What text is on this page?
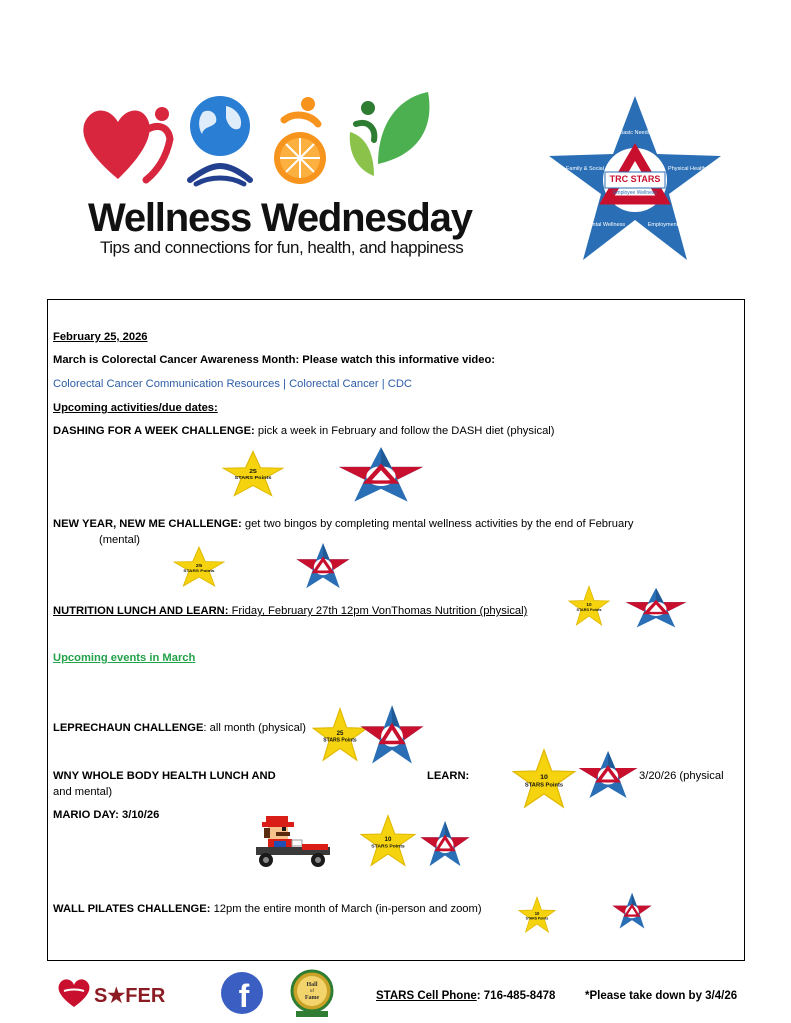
Wellness Wednesday
Tips and connections for fun, health, and happiness
TRC STARS
Employee Wellness
Basic Needs
Physical Health
Employment
Mental Wellness
Family & Social
February 25, 2026
March is Colorectal Cancer Awareness Month: Please watch this informative video:
Colorectal Cancer Communication Resources | Colorectal Cancer | CDC
Upcoming activities/due dates:
DASHING FOR A WEEK CHALLENGE: pick a week in February and follow the DASH diet (physical)
25
STARS Points
NEW YEAR, NEW ME CHALLENGE: get two bingos by completing mental wellness activities by the end of February
(mental)
25
STARS Points
NUTRITION LUNCH AND LEARN: Friday, February 27th 12pm VonThomas Nutrition (physical)
10
STARS Points
Upcoming events in March
LEPRECHAUN CHALLENGE: all month (physical)	25
STARS Points
WNY WHOLE BODY HEALTH LUNCH AND	LEARN:	3/20/26 (physical
and mental)
10
STARS Points
MARIO DAY: 3/10/26
10
STARS Points
WALL PILATES CHALLENGE: 12pm the entire month of March (in-person and zoom)	10
STARS Points
S★FER f	Hall
of
Fame	STARS Cell Phone: 716-485-8478	*Please take down by 3/4/26
